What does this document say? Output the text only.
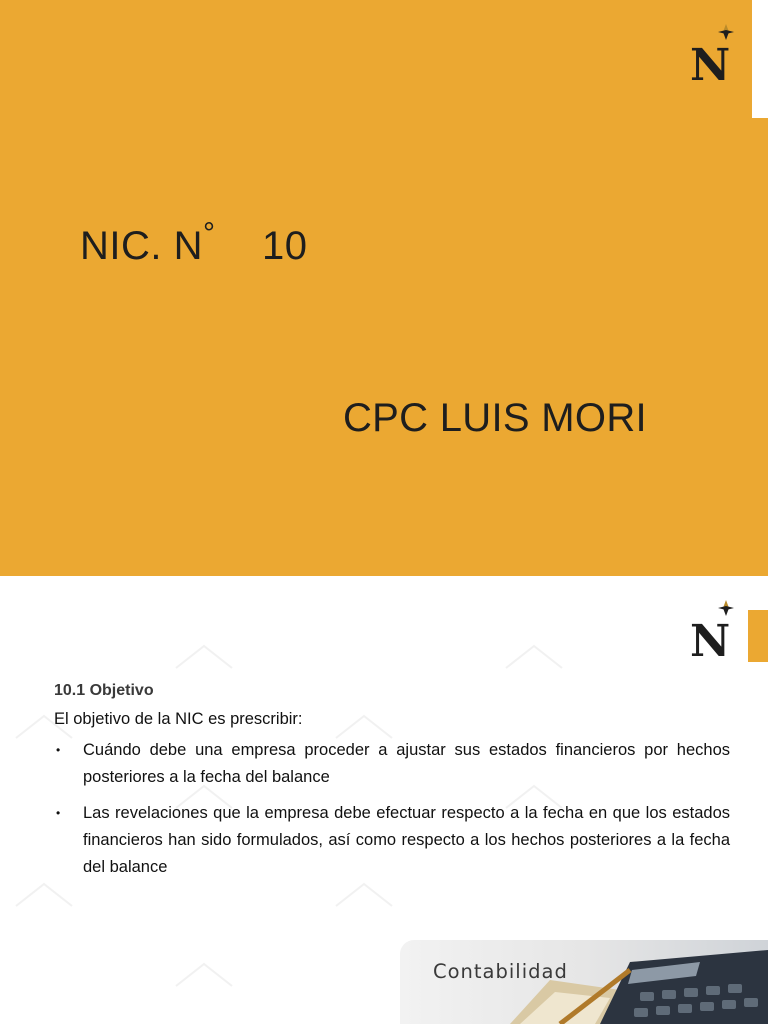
N
NIC. N° 10
CPC LUIS MORI
N
10.1 Objetivo

El objetivo de la NIC es prescribir:

• Cuándo debe una empresa proceder a ajustar sus estados financieros por hechos posteriores a la fecha del balance
• Las revelaciones que la empresa debe efectuar respecto a la fecha en que los estados financieros han sido formulados, así como respecto a los hechos posteriores a la fecha del balance
Contabilidad
